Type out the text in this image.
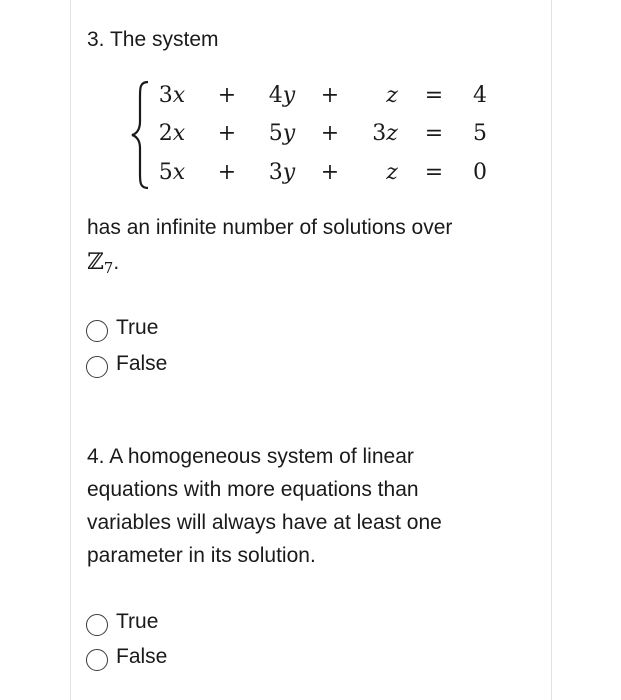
3. The system
3x + 4y + z = 4
2x + 5y + 3z = 5
5x + 3y + z = 0
has an infinite number of solutions over
ℤ7.
True
False
4. A homogeneous system of linear
equations with more equations than
variables will always have at least one
parameter in its solution.
True
False
